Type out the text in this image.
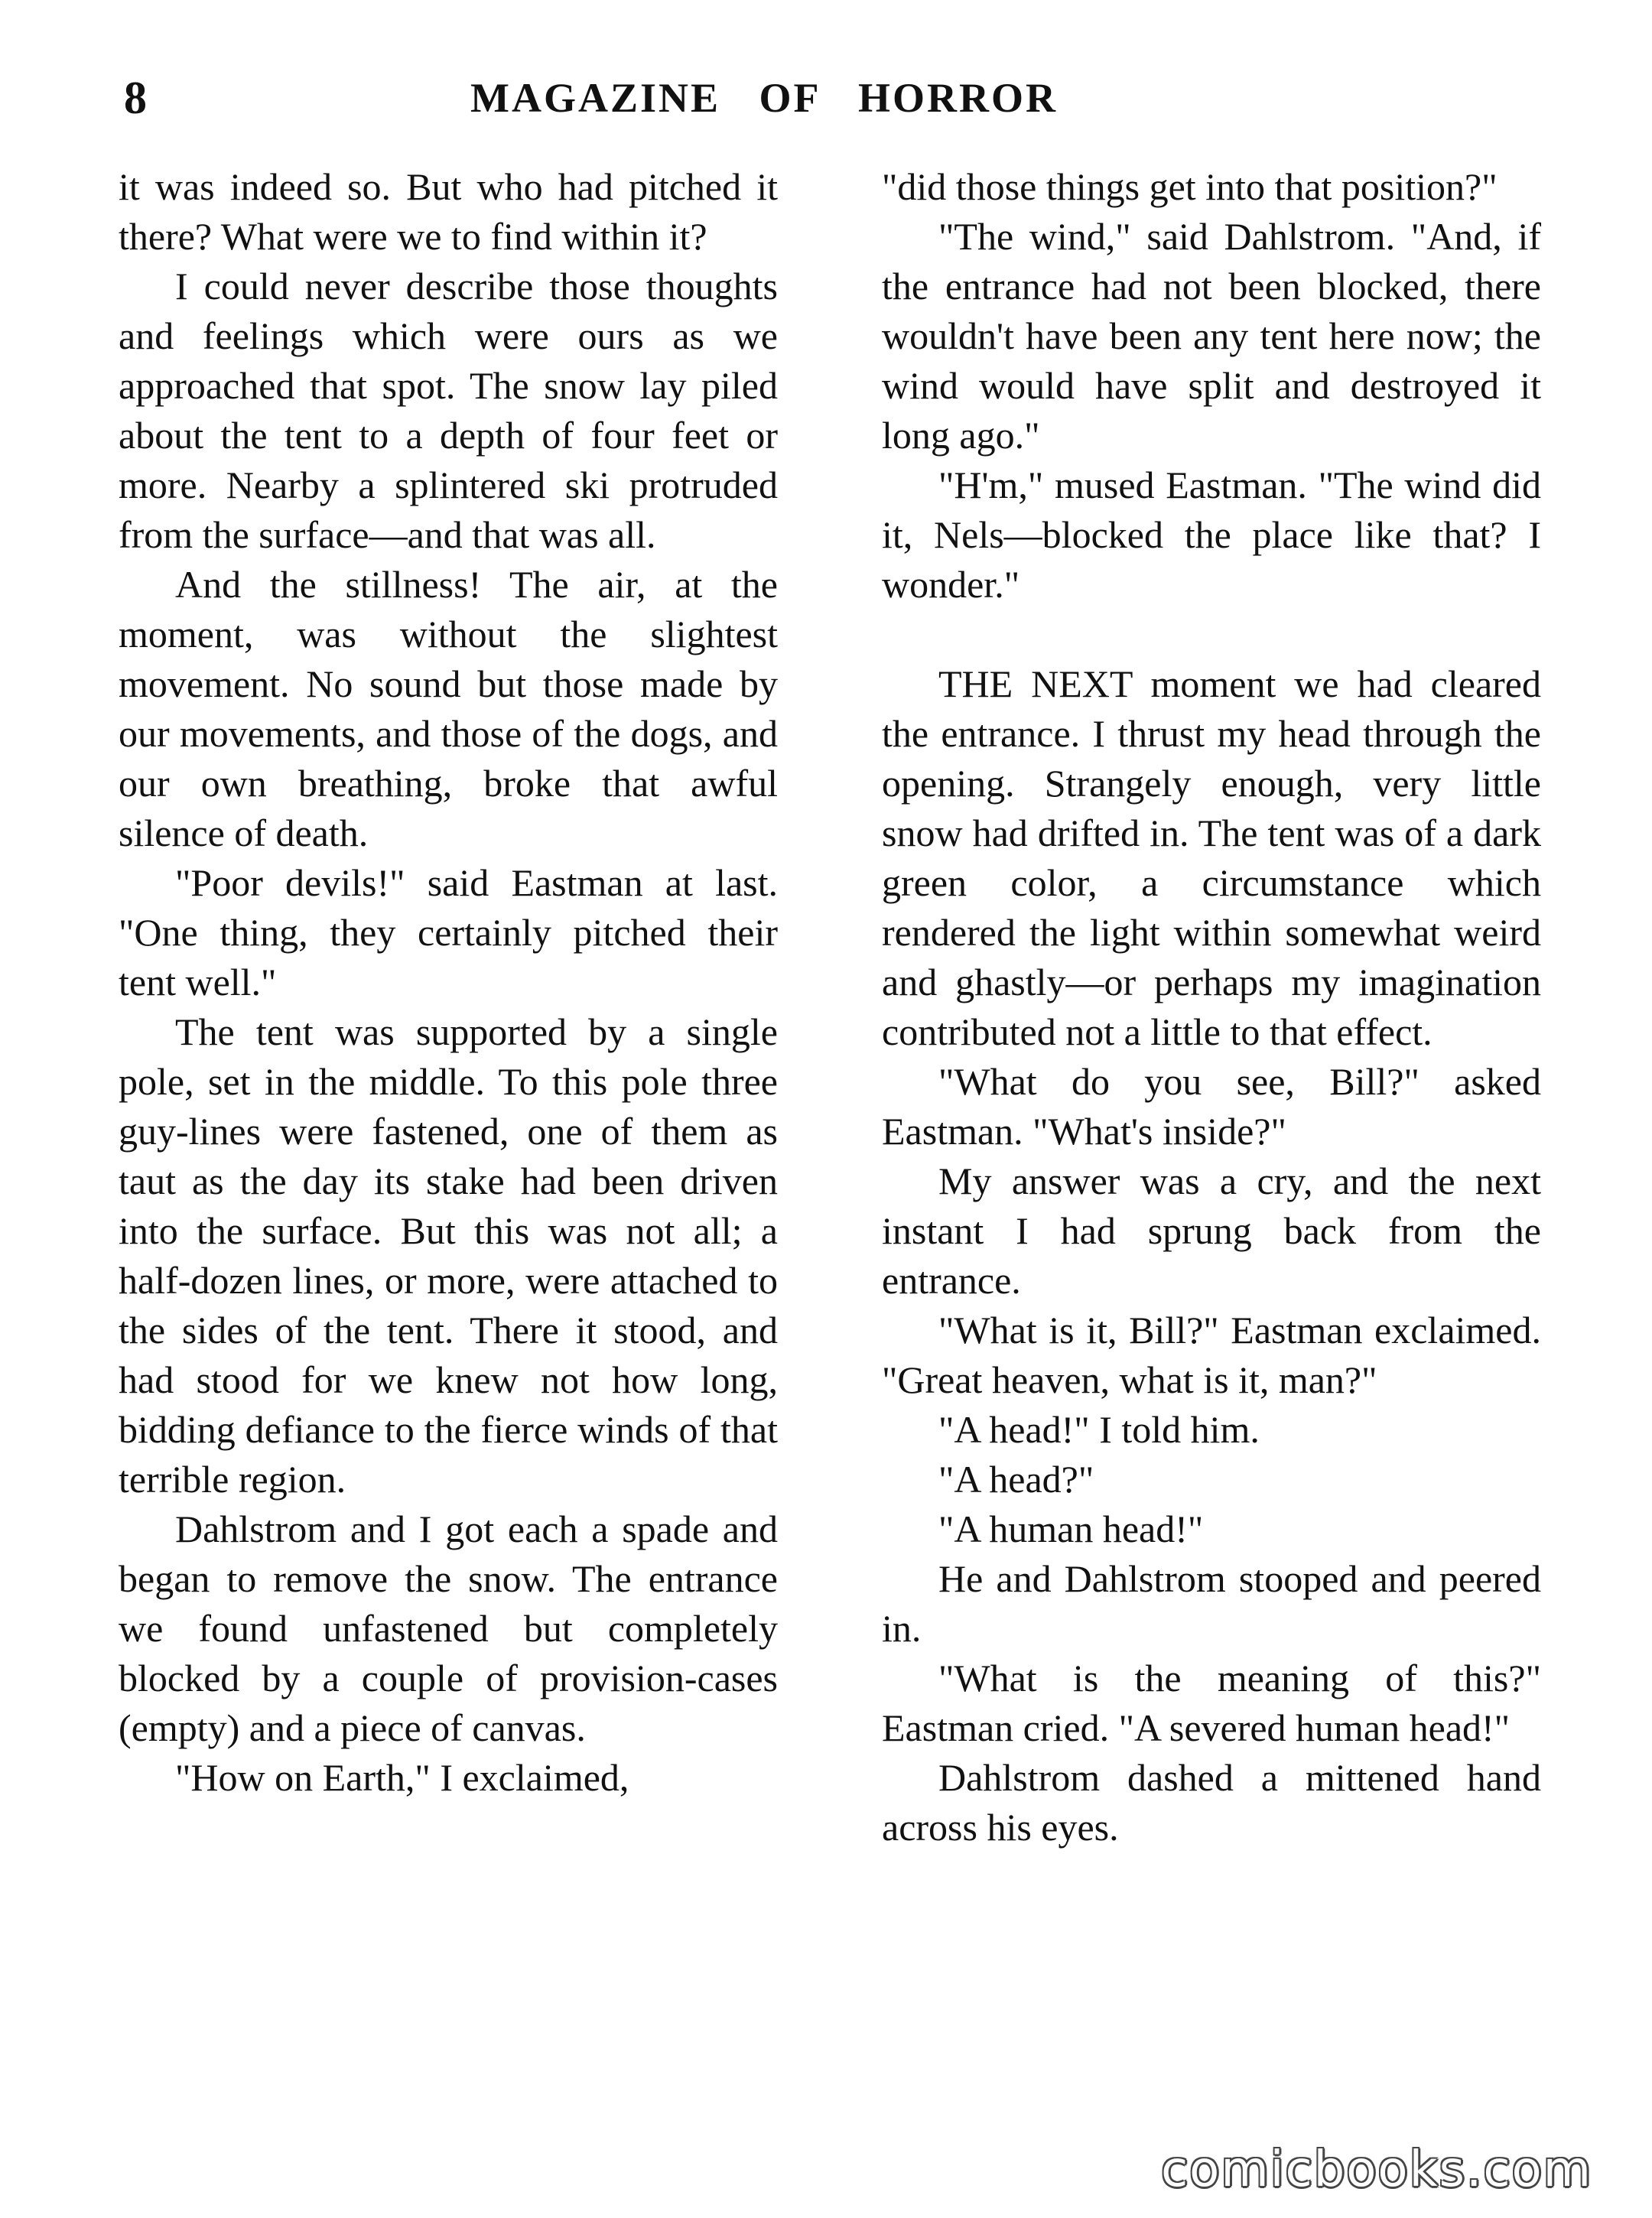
8	MAGAZINE OF HORROR

it was indeed so. But who had pitched it there? What were we to find within it?

I could never describe those thoughts and feelings which were ours as we approached that spot. The snow lay piled about the tent to a depth of four feet or more. Nearby a splintered ski protruded from the surface—and that was all.

And the stillness! The air, at the moment, was without the slightest movement. No sound but those made by our movements, and those of the dogs, and our own breathing, broke that awful silence of death.

"Poor devils!" said Eastman at last. "One thing, they certainly pitched their tent well."

The tent was supported by a single pole, set in the middle. To this pole three guy-lines were fastened, one of them as taut as the day its stake had been driven into the surface. But this was not all; a half-dozen lines, or more, were attached to the sides of the tent. There it stood, and had stood for we knew not how long, bidding defiance to the fierce winds of that terrible region.

Dahlstrom and I got each a spade and began to remove the snow. The entrance we found unfastened but completely blocked by a couple of provision-cases (empty) and a piece of canvas.

"How on Earth," I exclaimed,

"did those things get into that position?"

"The wind," said Dahlstrom. "And, if the entrance had not been blocked, there wouldn't have been any tent here now; the wind would have split and destroyed it long ago."

"H'm," mused Eastman. "The wind did it, Nels—blocked the place like that? I wonder."

THE NEXT moment we had cleared the entrance. I thrust my head through the opening. Strangely enough, very little snow had drifted in. The tent was of a dark green color, a circumstance which rendered the light within somewhat weird and ghastly—or perhaps my imagination contributed not a little to that effect.

"What do you see, Bill?" asked Eastman. "What's inside?"

My answer was a cry, and the next instant I had sprung back from the entrance.

"What is it, Bill?" Eastman exclaimed. "Great heaven, what is it, man?"

"A head!" I told him.

"A head?"

"A human head!"

He and Dahlstrom stooped and peered in.

"What is the meaning of this?" Eastman cried. "A severed human head!"

Dahlstrom dashed a mittened hand across his eyes.

comicbooks.com
